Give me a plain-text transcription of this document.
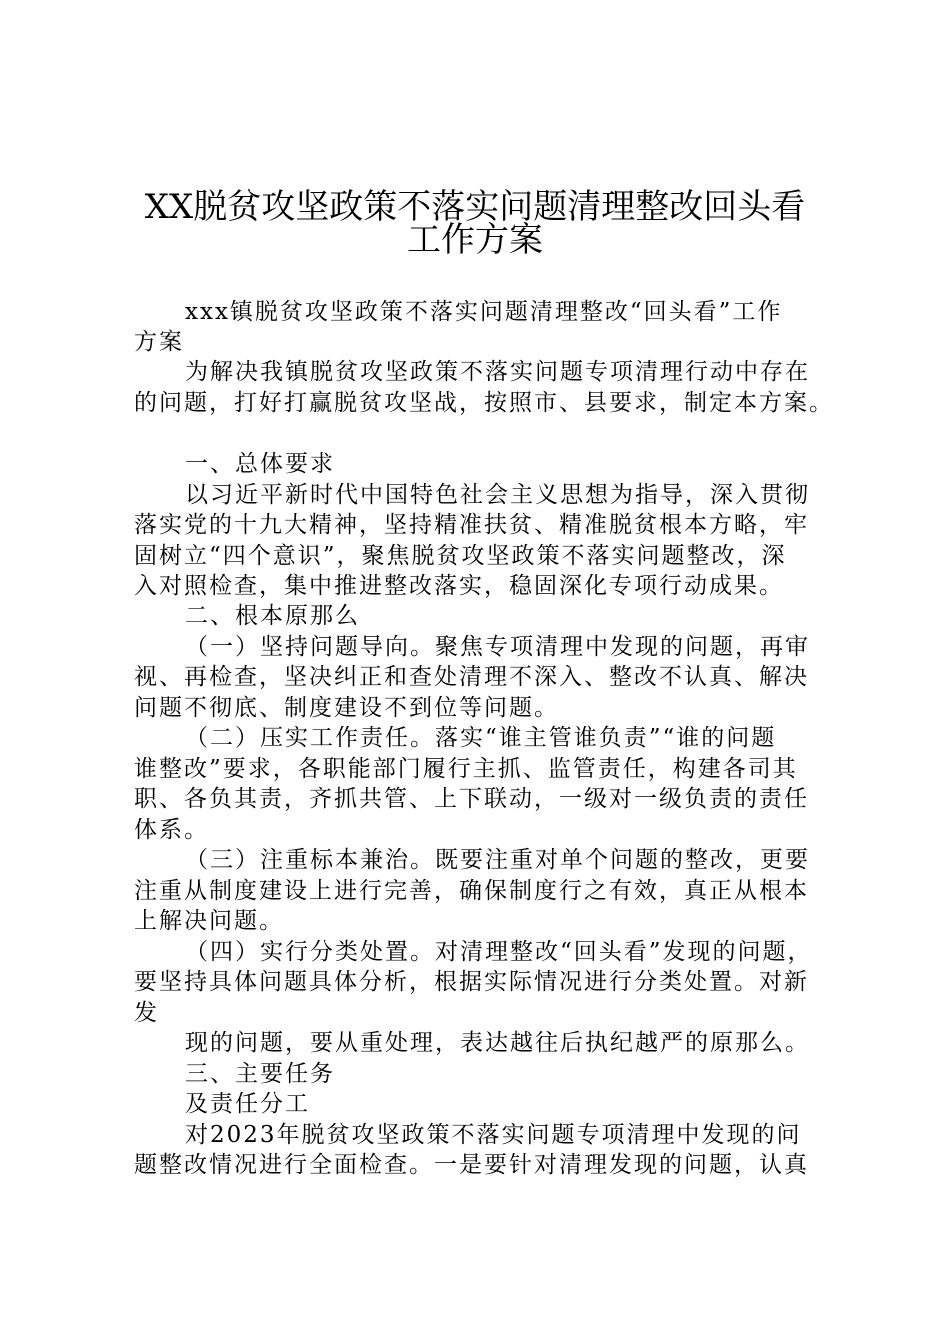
XX脱贫攻坚政策不落实问题清理整改回头看
工作方案
xxx镇脱贫攻坚政策不落实问题清理整改“回头看”工作
方案
为解决我镇脱贫攻坚政策不落实问题专项清理行动中存在
的问题，打好打赢脱贫攻坚战，按照市、县要求，制定本方案。
一、总体要求
以习近平新时代中国特色社会主义思想为指导，深入贯彻
落实党的十九大精神，坚持精准扶贫、精准脱贫根本方略，牢
固树立“四个意识”，聚焦脱贫攻坚政策不落实问题整改，深
入对照检查，集中推进整改落实，稳固深化专项行动成果。
二、根本原那么
（一）坚持问题导向。聚焦专项清理中发现的问题，再审
视、再检查，坚决纠正和查处清理不深入、整改不认真、解决
问题不彻底、制度建设不到位等问题。
（二）压实工作责任。落实“谁主管谁负责”“谁的问题
谁整改”要求，各职能部门履行主抓、监管责任，构建各司其
职、各负其责，齐抓共管、上下联动，一级对一级负责的责任
体系。
（三）注重标本兼治。既要注重对单个问题的整改，更要
注重从制度建设上进行完善，确保制度行之有效，真正从根本
上解决问题。
（四）实行分类处置。对清理整改“回头看”发现的问题，
要坚持具体问题具体分析，根据实际情况进行分类处置。对新
发
现的问题，要从重处理，表达越往后执纪越严的原那么。
三、主要任务
及责任分工
对2023年脱贫攻坚政策不落实问题专项清理中发现的问
题整改情况进行全面检查。一是要针对清理发现的问题，认真
